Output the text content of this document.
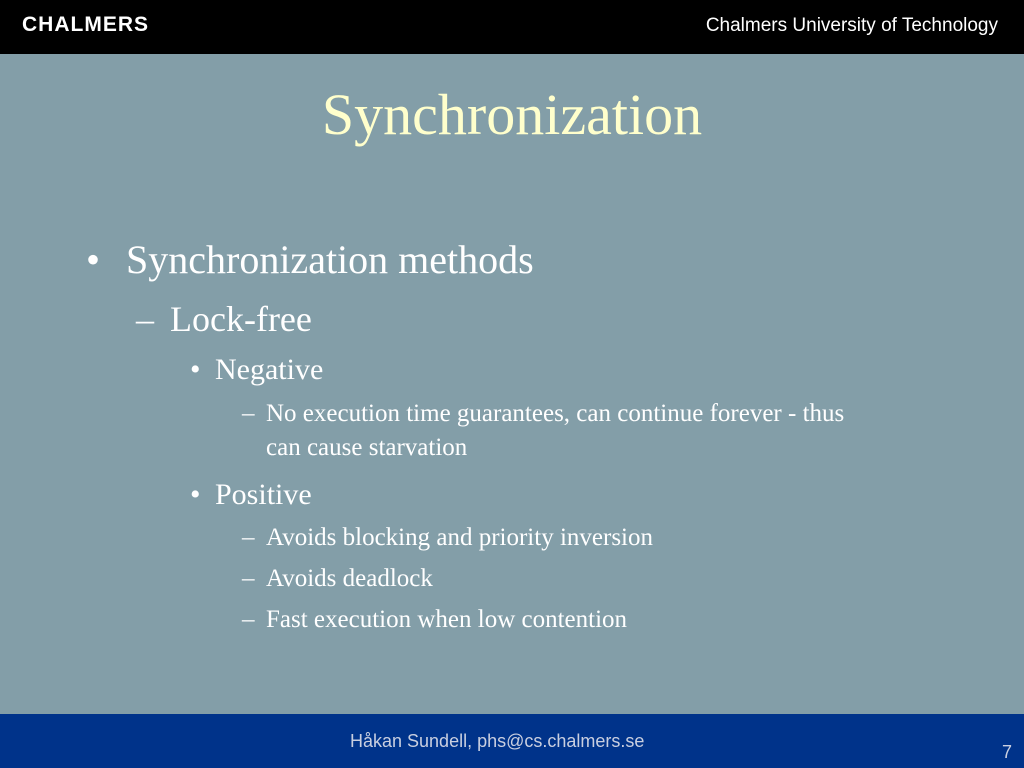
CHALMERS	Chalmers University of Technology
Synchronization
• Synchronization methods
– Lock-free
• Negative
– No execution time guarantees, can continue forever - thus
can cause starvation
• Positive
– Avoids blocking and priority inversion
– Avoids deadlock
– Fast execution when low contention
Håkan Sundell, phs@cs.chalmers.se
7
